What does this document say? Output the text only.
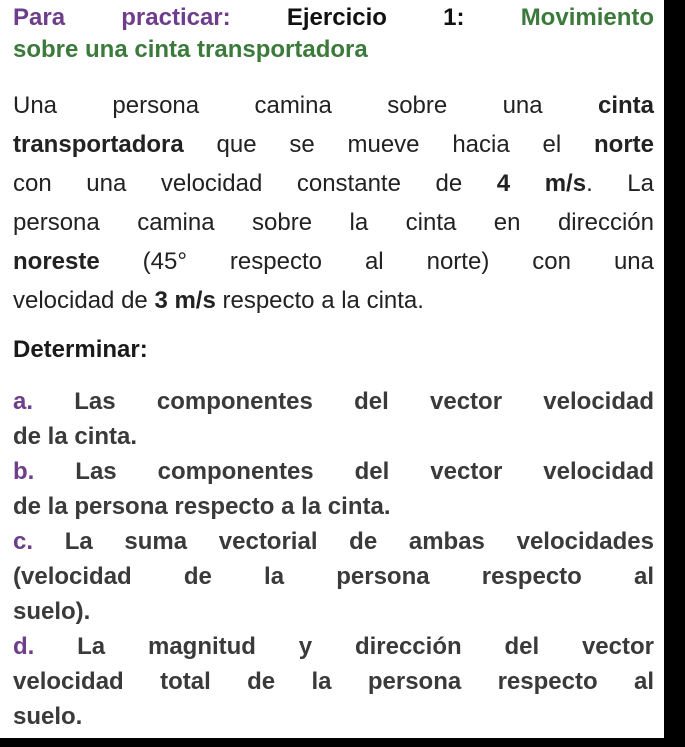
Para practicar: Ejercicio 1: Movimiento

sobre una cinta transportadora

Una persona camina sobre una cinta
transportadora que se mueve hacia el norte
con una velocidad constante de 4 m/s. La
persona camina sobre la cinta en dirección
noreste (45° respecto al norte) con una
velocidad de 3 m/s respecto a la cinta.

Determinar:

a. Las componentes del vector velocidad
de la cinta.
b. Las componentes del vector velocidad
de la persona respecto a la cinta.
c. La suma vectorial de ambas velocidades
(velocidad de la persona respecto al
suelo).
d. La magnitud y dirección del vector
velocidad total de la persona respecto al
suelo.
